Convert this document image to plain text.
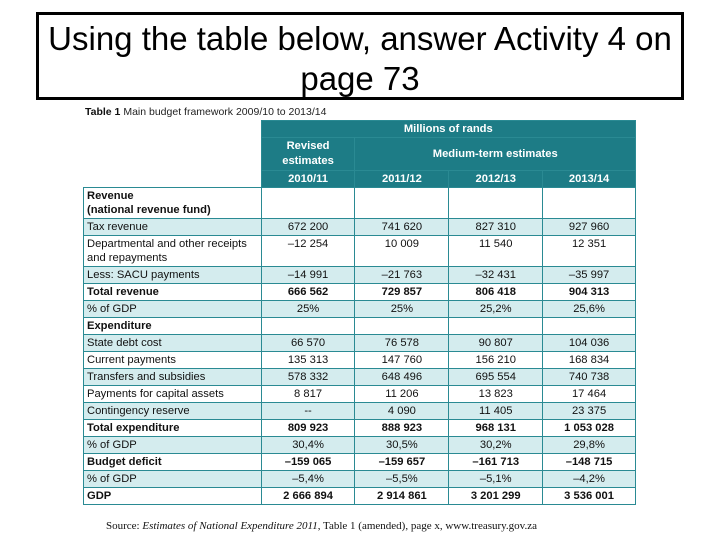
Using the table below, answer Activity 4 on page 73
Table 1 Main budget framework 2009/10 to 2013/14
	Millions of rands			
	Revised estimates	Medium-term estimates		
	2010/11	2011/12	2012/13	2013/14
Revenue
(national revenue fund)				
Tax revenue	672 200	741 620	827 310	927 960
Departmental and other receipts and repayments	–12 254	10 009	11 540	12 351
Less: SACU payments	–14 991	–21 763	–32 431	–35 997
Total revenue	666 562	729 857	806 418	904 313
% of GDP	25%	25%	25,2%	25,6%
Expenditure				
State debt cost	66 570	76 578	90 807	104 036
Current payments	135 313	147 760	156 210	168 834
Transfers and subsidies	578 332	648 496	695 554	740 738
Payments for capital assets	8 817	11 206	13 823	17 464
Contingency reserve	--	4 090	11 405	23 375
Total expenditure	809 923	888 923	968 131	1 053 028
% of GDP	30,4%	30,5%	30,2%	29,8%
Budget deficit	–159 065	–159 657	–161 713	–148 715
% of GDP	–5,4%	–5,5%	–5,1%	–4,2%
GDP	2 666 894	2 914 861	3 201 299	3 536 001
Source: Estimates of National Expenditure 2011, Table 1 (amended), page x, www.treasury.gov.za
